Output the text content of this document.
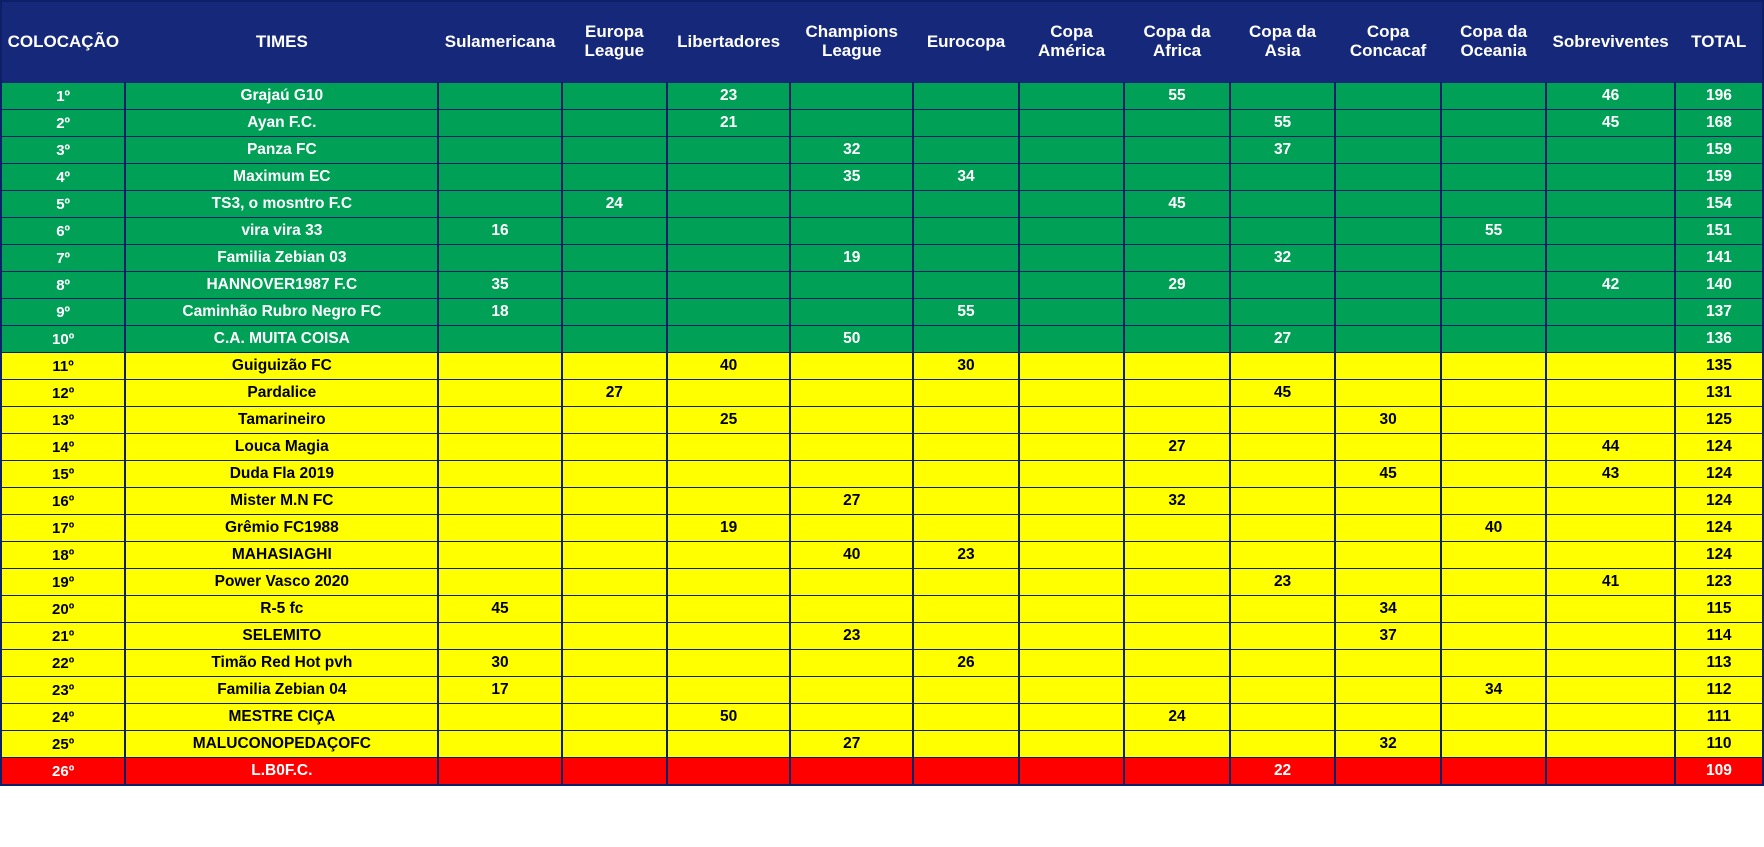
COLOCAÇÃO	TIMES	Sulamericana	Europa League	Libertadores	Champions League	Eurocopa	Copa América	Copa da Africa	Copa da Asia	Copa Concacaf	Copa da Oceania	Sobreviventes	TOTAL
1º	Grajaú G10			23				55				46	196
2º	Ayan F.C.			21					55			45	168
3º	Panza FC				32				37				159
4º	Maximum EC				35	34							159
5º	TS3, o mosntro F.C		24					45					154
6º	vira vira 33	16									55		151
7º	Familia Zebian 03				19				32				141
8º	HANNOVER1987 F.C	35						29				42	140
9º	Caminhão Rubro Negro FC	18				55							137
10º	C.A. MUITA COISA				50				27				136
11º	Guiguizão FC			40		30							135
12º	Pardalice		27						45				131
13º	Tamarineiro			25						30			125
14º	Louca Magia							27				44	124
15º	Duda Fla 2019									45		43	124
16º	Mister M.N FC				27			32					124
17º	Grêmio FC1988			19							40		124
18º	MAHASIAGHI				40	23							124
19º	Power Vasco 2020								23			41	123
20º	R-5 fc	45								34			115
21º	SELEMITO				23					37			114
22º	Timão Red Hot pvh	30				26							113
23º	Familia Zebian 04	17									34		112
24º	MESTRE CIÇA			50				24					111
25º	MALUCONOPEDAÇOFC				27					32			110
26º	L.B0F.C.								22				109
